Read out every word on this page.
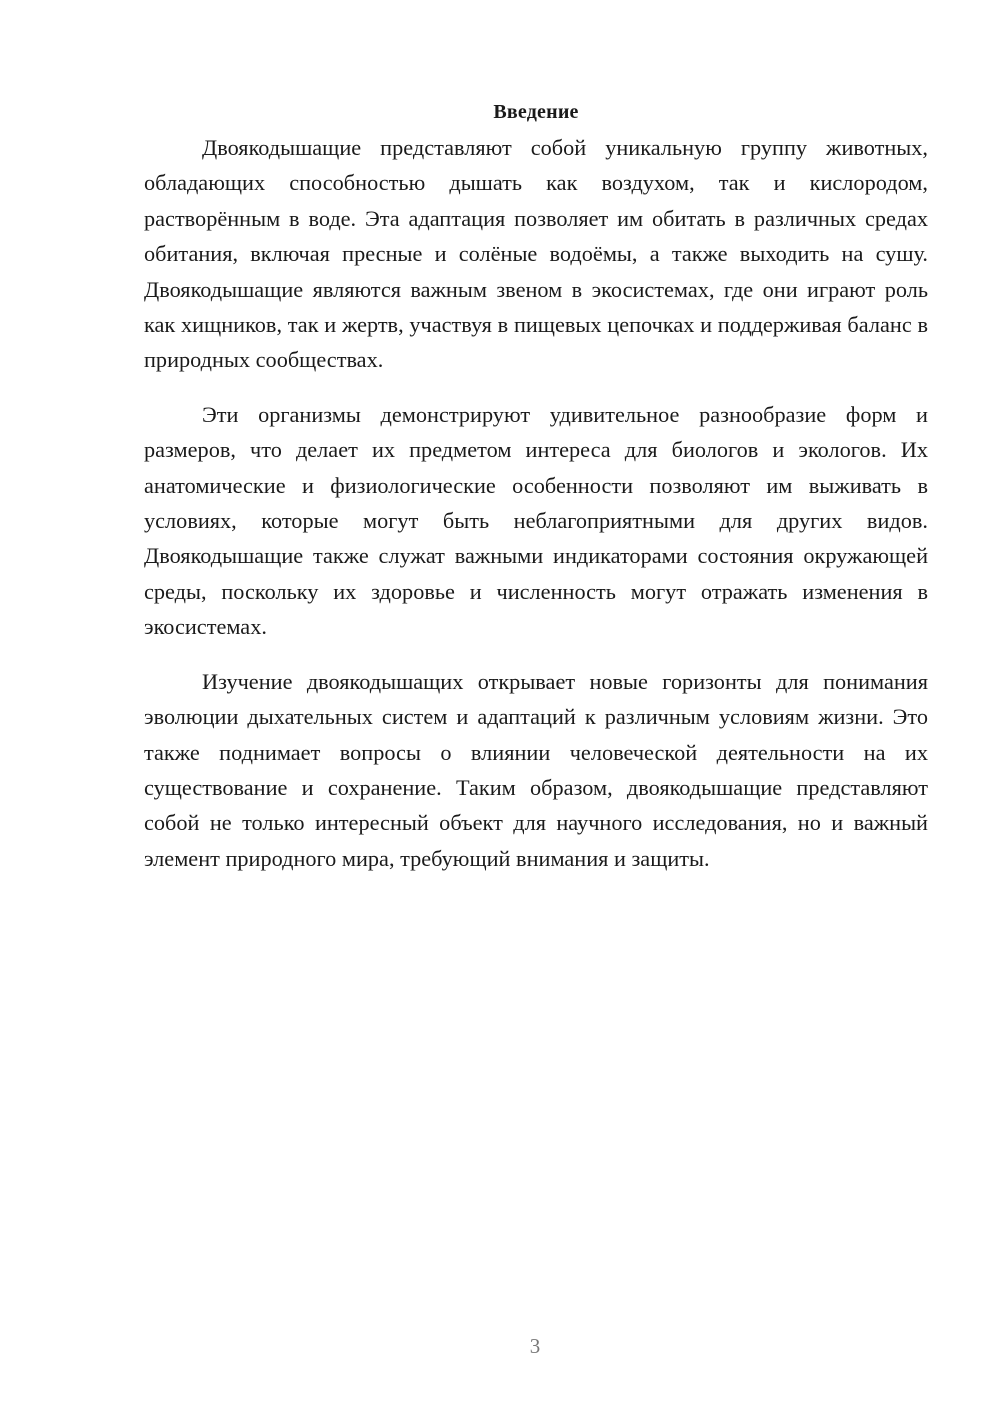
Введение

Двоякодышащие представляют собой уникальную группу животных, обладающих способностью дышать как воздухом, так и кислородом, растворённым в воде. Эта адаптация позволяет им обитать в различных средах обитания, включая пресные и солёные водоёмы, а также выходить на сушу. Двоякодышащие являются важным звеном в экосистемах, где они играют роль как хищников, так и жертв, участвуя в пищевых цепочках и поддерживая баланс в природных сообществах.

Эти организмы демонстрируют удивительное разнообразие форм и размеров, что делает их предметом интереса для биологов и экологов. Их анатомические и физиологические особенности позволяют им выживать в условиях, которые могут быть неблагоприятными для других видов. Двоякодышащие также служат важными индикаторами состояния окружающей среды, поскольку их здоровье и численность могут отражать изменения в экосистемах.

Изучение двоякодышащих открывает новые горизонты для понимания эволюции дыхательных систем и адаптаций к различным условиям жизни. Это также поднимает вопросы о влиянии человеческой деятельности на их существование и сохранение. Таким образом, двоякодышащие представляют собой не только интересный объект для научного исследования, но и важный элемент природного мира, требующий внимания и защиты.

3
